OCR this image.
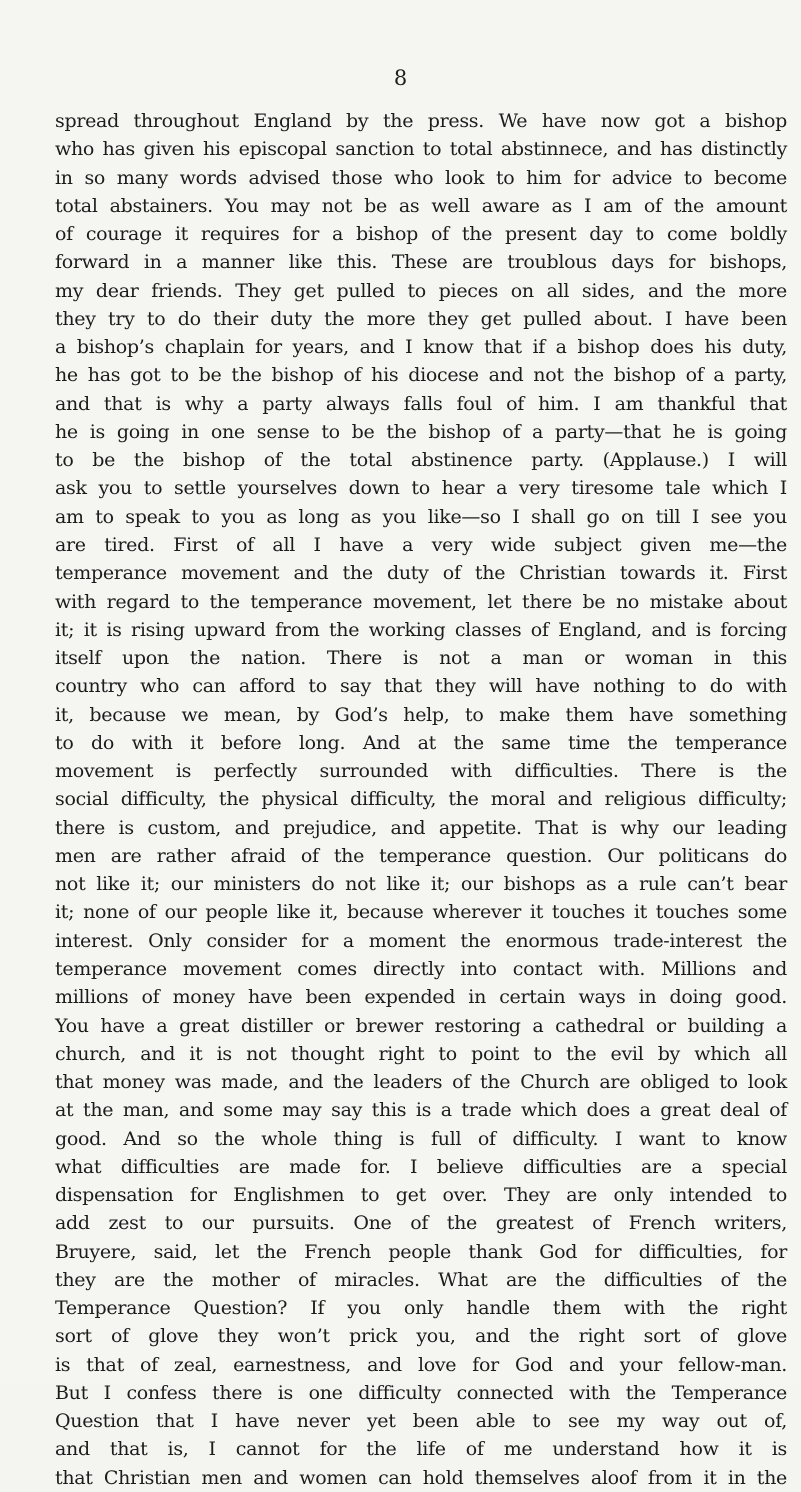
8
spread throughout England by the press. We have now got a bishop
who has given his episcopal sanction to total abstinnece, and has distinctly
in so many words advised those who look to him for advice to become
total abstainers. You may not be as well aware as I am of the amount
of courage it requires for a bishop of the present day to come boldly
forward in a manner like this. These are troublous days for bishops,
my dear friends. They get pulled to pieces on all sides, and the more
they try to do their duty the more they get pulled about. I have been
a bishop’s chaplain for years, and I know that if a bishop does his duty,
he has got to be the bishop of his diocese and not the bishop of a party,
and that is why a party always falls foul of him. I am thankful that
he is going in one sense to be the bishop of a party—that he is going
to be the bishop of the total abstinence party. (Applause.) I will
ask you to settle yourselves down to hear a very tiresome tale which I
am to speak to you as long as you like—so I shall go on till I see you
are tired. First of all I have a very wide subject given me—the
temperance movement and the duty of the Christian towards it. First
with regard to the temperance movement, let there be no mistake about
it; it is rising upward from the working classes of England, and is forcing
itself upon the nation. There is not a man or woman in this
country who can afford to say that they will have nothing to do with
it, because we mean, by God’s help, to make them have something
to do with it before long. And at the same time the temperance
movement is perfectly surrounded with difficulties. There is the
social difficulty, the physical difficulty, the moral and religious difficulty;
there is custom, and prejudice, and appetite. That is why our leading
men are rather afraid of the temperance question. Our politicans do
not like it; our ministers do not like it; our bishops as a rule can’t bear
it; none of our people like it, because wherever it touches it touches some
interest. Only consider for a moment the enormous trade-interest the
temperance movement comes directly into contact with. Millions and
millions of money have been expended in certain ways in doing good.
You have a great distiller or brewer restoring a cathedral or building a
church, and it is not thought right to point to the evil by which all
that money was made, and the leaders of the Church are obliged to look
at the man, and some may say this is a trade which does a great deal of
good. And so the whole thing is full of difficulty. I want to know
what difficulties are made for. I believe difficulties are a special
dispensation for Englishmen to get over. They are only intended to
add zest to our pursuits. One of the greatest of French writers,
Bruyere, said, let the French people thank God for difficulties, for
they are the mother of miracles. What are the difficulties of the
Temperance Question? If you only handle them with the right
sort of glove they won’t prick you, and the right sort of glove
is that of zeal, earnestness, and love for God and your fellow-man.
But I confess there is one difficulty connected with the Temperance
Question that I have never yet been able to see my way out of,
and that is, I cannot for the life of me understand how it is
that Christian men and women can hold themselves aloof from it in the
